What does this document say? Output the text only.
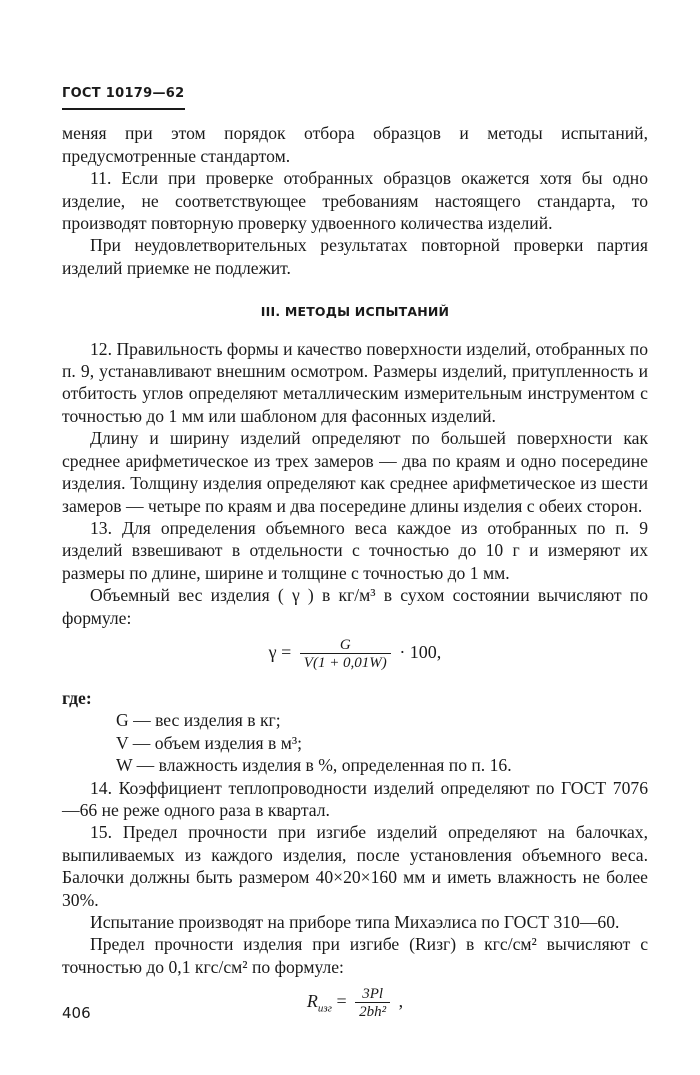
ГОСТ 10179—62

меняя при этом порядок отбора образцов и методы испытаний, предусмотренные стандартом.

11. Если при проверке отобранных образцов окажется хотя бы одно изделие, не соответствующее требованиям настоящего стандарта, то производят повторную проверку удвоенного количества изделий.

При неудовлетворительных результатах повторной проверки партия изделий приемке не подлежит.

III. МЕТОДЫ ИСПЫТАНИЙ

12. Правильность формы и качество поверхности изделий, отобранных по п. 9, устанавливают внешним осмотром. Размеры изделий, притупленность и отбитость углов определяют металлическим измерительным инструментом с точностью до 1 мм или шаблоном для фасонных изделий.

Длину и ширину изделий определяют по большей поверхности как среднее арифметическое из трех замеров — два по краям и одно посередине изделия. Толщину изделия определяют как среднее арифметическое из шести замеров — четыре по краям и два посередине длины изделия с обеих сторон.

13. Для определения объемного веса каждое из отобранных по п. 9 изделий взвешивают в отдельности с точностью до 10 г и измеряют их размеры по длине, ширине и толщине с точностью до 1 мм.

Объемный вес изделия ( γ ) в кг/м³ в сухом состоянии вычисляют по формуле:

$\gamma = \frac{G}{V(1 + 0,01W)} \cdot 100$,

где:

G — вес изделия в кг;

V — объем изделия в м³;

W — влажность изделия в %, определенная по п. 16.

14. Коэффициент теплопроводности изделий определяют по ГОСТ 7076—66 не реже одного раза в квартал.

15. Предел прочности при изгибе изделий определяют на балочках, выпиливаемых из каждого изделия, после установления объемного веса. Балочки должны быть размером 40×20×160 мм и иметь влажность не более 30%.

Испытание производят на приборе типа Михаэлиса по ГОСТ 310—60.

Предел прочности изделия при изгибе (Rизг) в кгс/см² вычисляют с точностью до 0,1 кгс/см² по формуле:

$R_{изг} = \frac{3Pl}{\text{2bh²}}$ ,
406
